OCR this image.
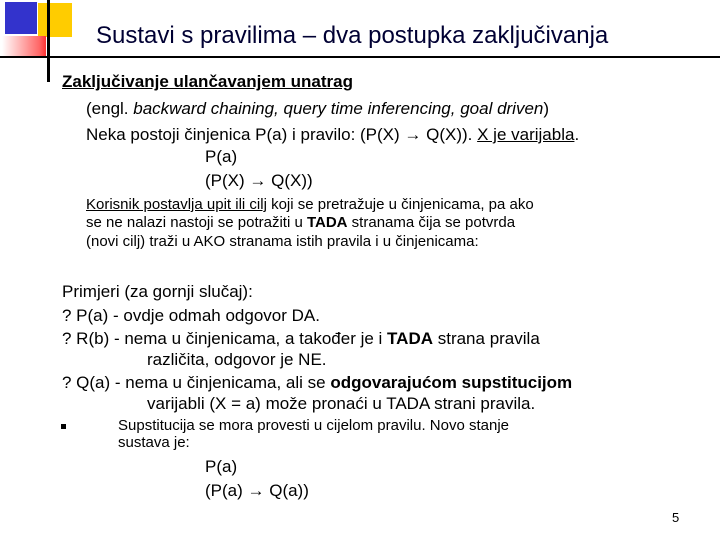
Sustavi s pravilima – dva postupka zaključivanja
Zaključivanje ulančavanjem unatrag
(engl. backward chaining, query time inferencing, goal driven)
Neka postoji činjenica P(a) i pravilo: (P(X) → Q(X)). X je varijabla.
P(a)
(P(X) → Q(X))
Korisnik postavlja upit ili cilj koji se pretražuje u činjenicama, pa ako
se ne nalazi nastoji se potražiti u TADA stranama čija se potvrda
(novi cilj) traži u AKO stranama istih pravila i u činjenicama:
Primjeri (za gornji slučaj):
? P(a) - ovdje odmah odgovor DA.
? R(b) - nema u činjenicama, a također je i TADA strana pravila
različita, odgovor je NE.
? Q(a) - nema u činjenicama, ali se odgovarajućom supstitucijom
varijabli (X = a) može pronaći u TADA strani pravila.
Supstitucija se mora provesti u cijelom pravilu. Novo stanje
sustava je:
P(a)
(P(a) → Q(a))
5
